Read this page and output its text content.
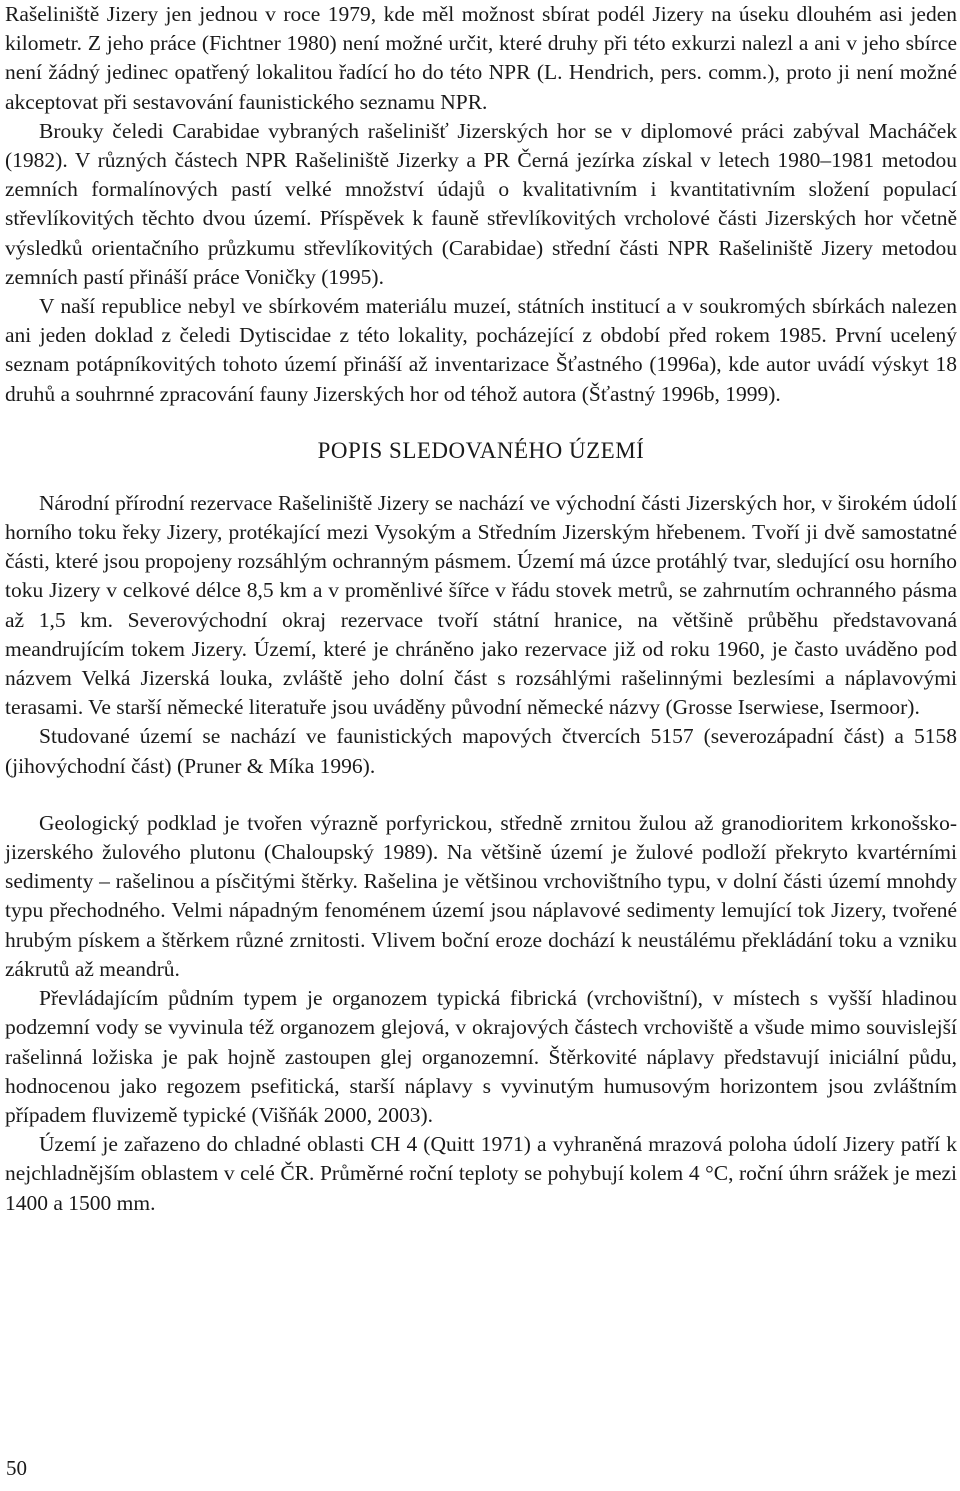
Rašeliniště Jizery jen jednou v roce 1979, kde měl možnost sbírat podél Jizery na úseku dlouhém asi jeden kilometr. Z jeho práce (Fichtner 1980) není možné určit, které druhy při této exkurzi nalezl a ani v jeho sbírce není žádný jedinec opatřený lokalitou řadící ho do této NPR (L. Hendrich, pers. comm.), proto ji není možné akceptovat při sestavování faunistického seznamu NPR.

Brouky čeledi Carabidae vybraných rašelinišť Jizerských hor se v diplomové práci zabýval Macháček (1982). V různých částech NPR Rašeliniště Jizerky a PR Černá jezírka získal v letech 1980–1981 metodou zemních formalínových pastí velké množství údajů o kvalitativním i kvantitativním složení populací střevlíkovitých těchto dvou území. Příspěvek k fauně střevlíkovitých vrcholové části Jizerských hor včetně výsledků orientačního průzkumu střevlíkovitých (Carabidae) střední části NPR Rašeliniště Jizery metodou zemních pastí přináší práce Voničky (1995).

V naší republice nebyl ve sbírkovém materiálu muzeí, státních institucí a v soukromých sbírkách nalezen ani jeden doklad z čeledi Dytiscidae z této lokality, pocházející z období před rokem 1985. První ucelený seznam potápníkovitých tohoto území přináší až inventarizace Šťastného (1996a), kde autor uvádí výskyt 18 druhů a souhrnné zpracování fauny Jizerských hor od téhož autora (Šťastný 1996b, 1999).

POPIS SLEDOVANÉHO ÚZEMÍ

Národní přírodní rezervace Rašeliniště Jizery se nachází ve východní části Jizerských hor, v širokém údolí horního toku řeky Jizery, protékající mezi Vysokým a Středním Jizerským hřebenem. Tvoří ji dvě samostatné části, které jsou propojeny rozsáhlým ochranným pásmem. Území má úzce protáhlý tvar, sledující osu horního toku Jizery v celkové délce 8,5 km a v proměnlivé šířce v řádu stovek metrů, se zahrnutím ochranného pásma až 1,5 km. Severovýchodní okraj rezervace tvoří státní hranice, na většině průběhu představovaná meandrujícím tokem Jizery. Území, které je chráněno jako rezervace již od roku 1960, je často uváděno pod názvem Velká Jizerská louka, zvláště jeho dolní část s rozsáhlými rašelinnými bezlesími a náplavovými terasami. Ve starší německé literatuře jsou uváděny původní německé názvy (Grosse Iserwiese, Isermoor).

Studované území se nachází ve faunistických mapových čtvercích 5157 (severozápadní část) a 5158 (jihovýchodní část) (Pruner & Míka 1996).

Geologický podklad je tvořen výrazně porfyrickou, středně zrnitou žulou až granodioritem krkonošsko-jizerského žulového plutonu (Chaloupský 1989). Na většině území je žulové podloží překryto kvartérními sedimenty – rašelinou a písčitými štěrky. Rašelina je většinou vrchovištního typu, v dolní části území mnohdy typu přechodného. Velmi nápadným fenoménem území jsou náplavové sedimenty lemující tok Jizery, tvořené hrubým pískem a štěrkem různé zrnitosti. Vlivem boční eroze dochází k neustálému překládání toku a vzniku zákrutů až meandrů.

Převládajícím půdním typem je organozem typická fibrická (vrchovištní), v místech s vyšší hladinou podzemní vody se vyvinula též organozem glejová, v okrajových částech vrchoviště a všude mimo souvislejší rašelinná ložiska je pak hojně zastoupen glej organozemní. Štěrkovité náplavy představují iniciální půdu, hodnocenou jako regozem psefitická, starší náplavy s vyvinutým humusovým horizontem jsou zvláštním případem fluvizemě typické (Višňák 2000, 2003).

Území je zařazeno do chladné oblasti CH 4 (Quitt 1971) a vyhraněná mrazová poloha údolí Jizery patří k nejchladnějším oblastem v celé ČR. Průměrné roční teploty se pohybují kolem 4 °C, roční úhrn srážek je mezi 1400 a 1500 mm.

50
